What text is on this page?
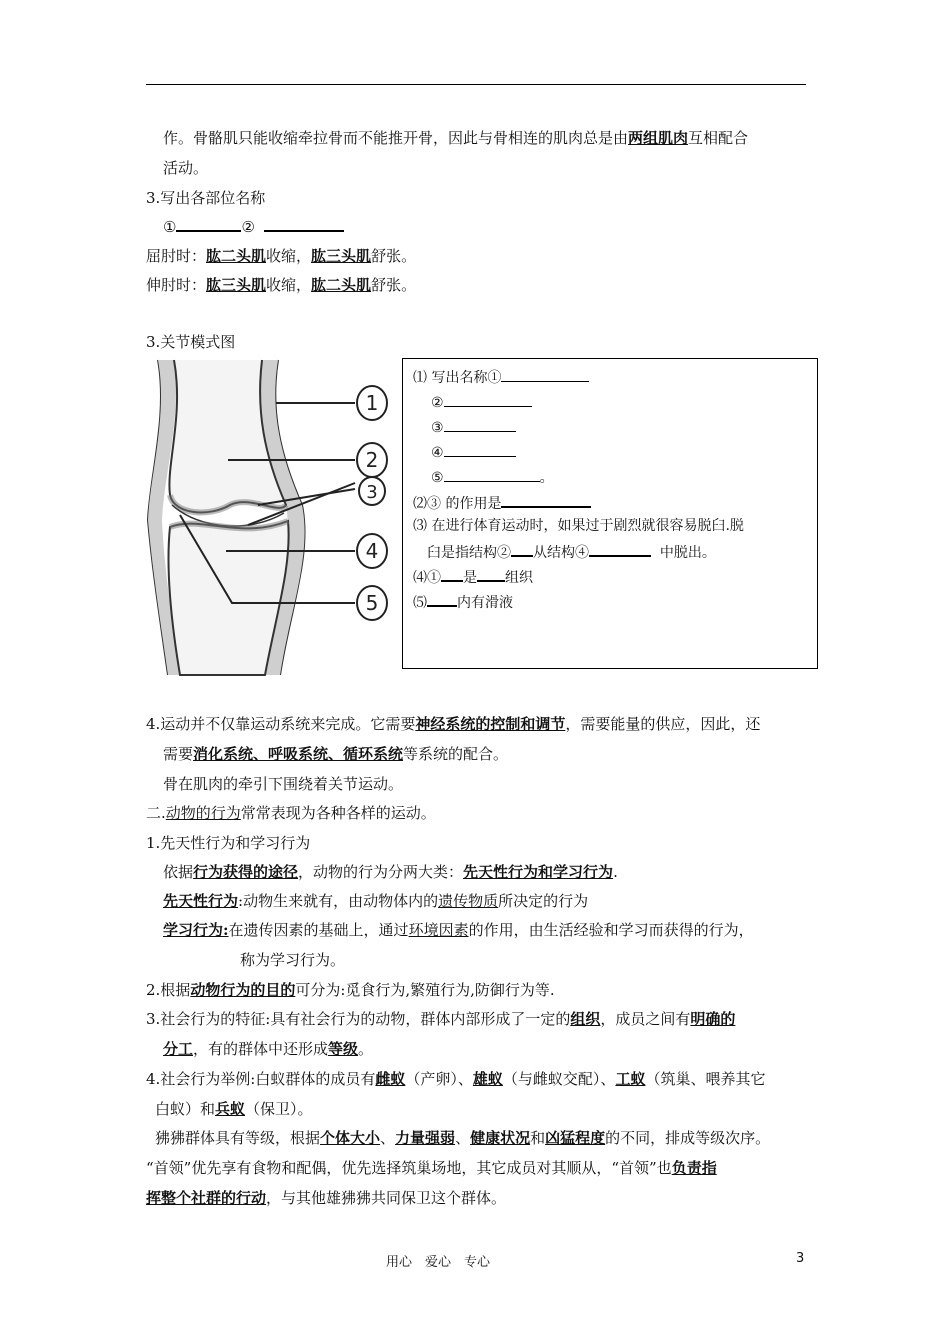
作。骨骼肌只能收缩牵拉骨而不能推开骨，因此与骨相连的肌肉总是由两组肌肉互相配合
活动。
3.写出各部位名称
①	②
屈肘时：肱二头肌收缩，肱三头肌舒张。
伸肘时：肱三头肌收缩，肱二头肌舒张。
3.关节模式图
1
2
3
4
5
⑴ 写出名称①
②
③
④
⑤	。
⑵③ 的作用是
⑶ 在进行体育运动时，如果过于剧烈就很容易脱臼.脱
臼是指结构② 从结构④	中脱出。
⑷① 是 组织
⑸ 内有滑液
4.运动并不仅靠运动系统来完成。它需要神经系统的控制和调节，需要能量的供应，因此，还
需要消化系统、呼吸系统、循环系统等系统的配合。
骨在肌肉的牵引下围绕着关节运动。
二.动物的行为常常表现为各种各样的运动。
1.先天性行为和学习行为
依据行为获得的途径，动物的行为分两大类：先天性行为和学习行为.
先天性行为:动物生来就有，由动物体内的遗传物质所决定的行为
学习行为:在遗传因素的基础上，通过环境因素的作用，由生活经验和学习而获得的行为，
称为学习行为。
2.根据动物行为的目的可分为:觅食行为,繁殖行为,防御行为等.
3.社会行为的特征:具有社会行为的动物，群体内部形成了一定的组织，成员之间有明确的
分工，有的群体中还形成等级。
4.社会行为举例:白蚁群体的成员有雌蚁（产卵）、雄蚁（与雌蚁交配）、工蚁（筑巢、喂养其它
白蚁）和兵蚁（保卫）。
狒狒群体具有等级，根据个体大小、力量强弱、健康状况和凶猛程度的不同，排成等级次序。
“首领”优先享有食物和配偶，优先选择筑巢场地，其它成员对其顺从，“首领”也负责指
挥整个社群的行动，与其他雄狒狒共同保卫这个群体。
用心　爱心　专心	3
